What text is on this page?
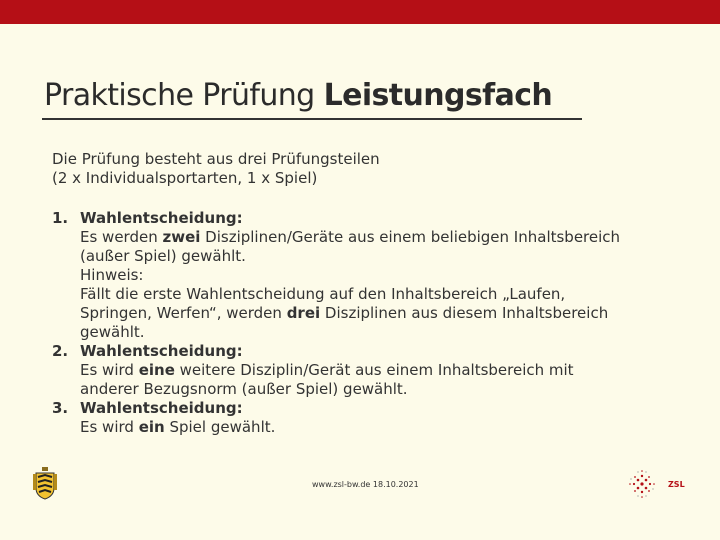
Praktische Prüfung Leistungsfach
Die Prüfung besteht aus drei Prüfungsteilen
(2 x Individualsportarten, 1 x Spiel)
1. Wahlentscheidung:
Es werden zwei Disziplinen/Geräte aus einem beliebigen Inhaltsbereich
(außer Spiel) gewählt.
Hinweis:
Fällt die erste Wahlentscheidung auf den Inhaltsbereich „Laufen,
Springen, Werfen“, werden drei Disziplinen aus diesem Inhaltsbereich
gewählt.
2. Wahlentscheidung:
Es wird eine weitere Disziplin/Gerät aus einem Inhaltsbereich mit
anderer Bezugsnorm (außer Spiel) gewählt.
3. Wahlentscheidung:
Es wird ein Spiel gewählt.
www.zsl-bw.de 18.10.2021	ZSL
